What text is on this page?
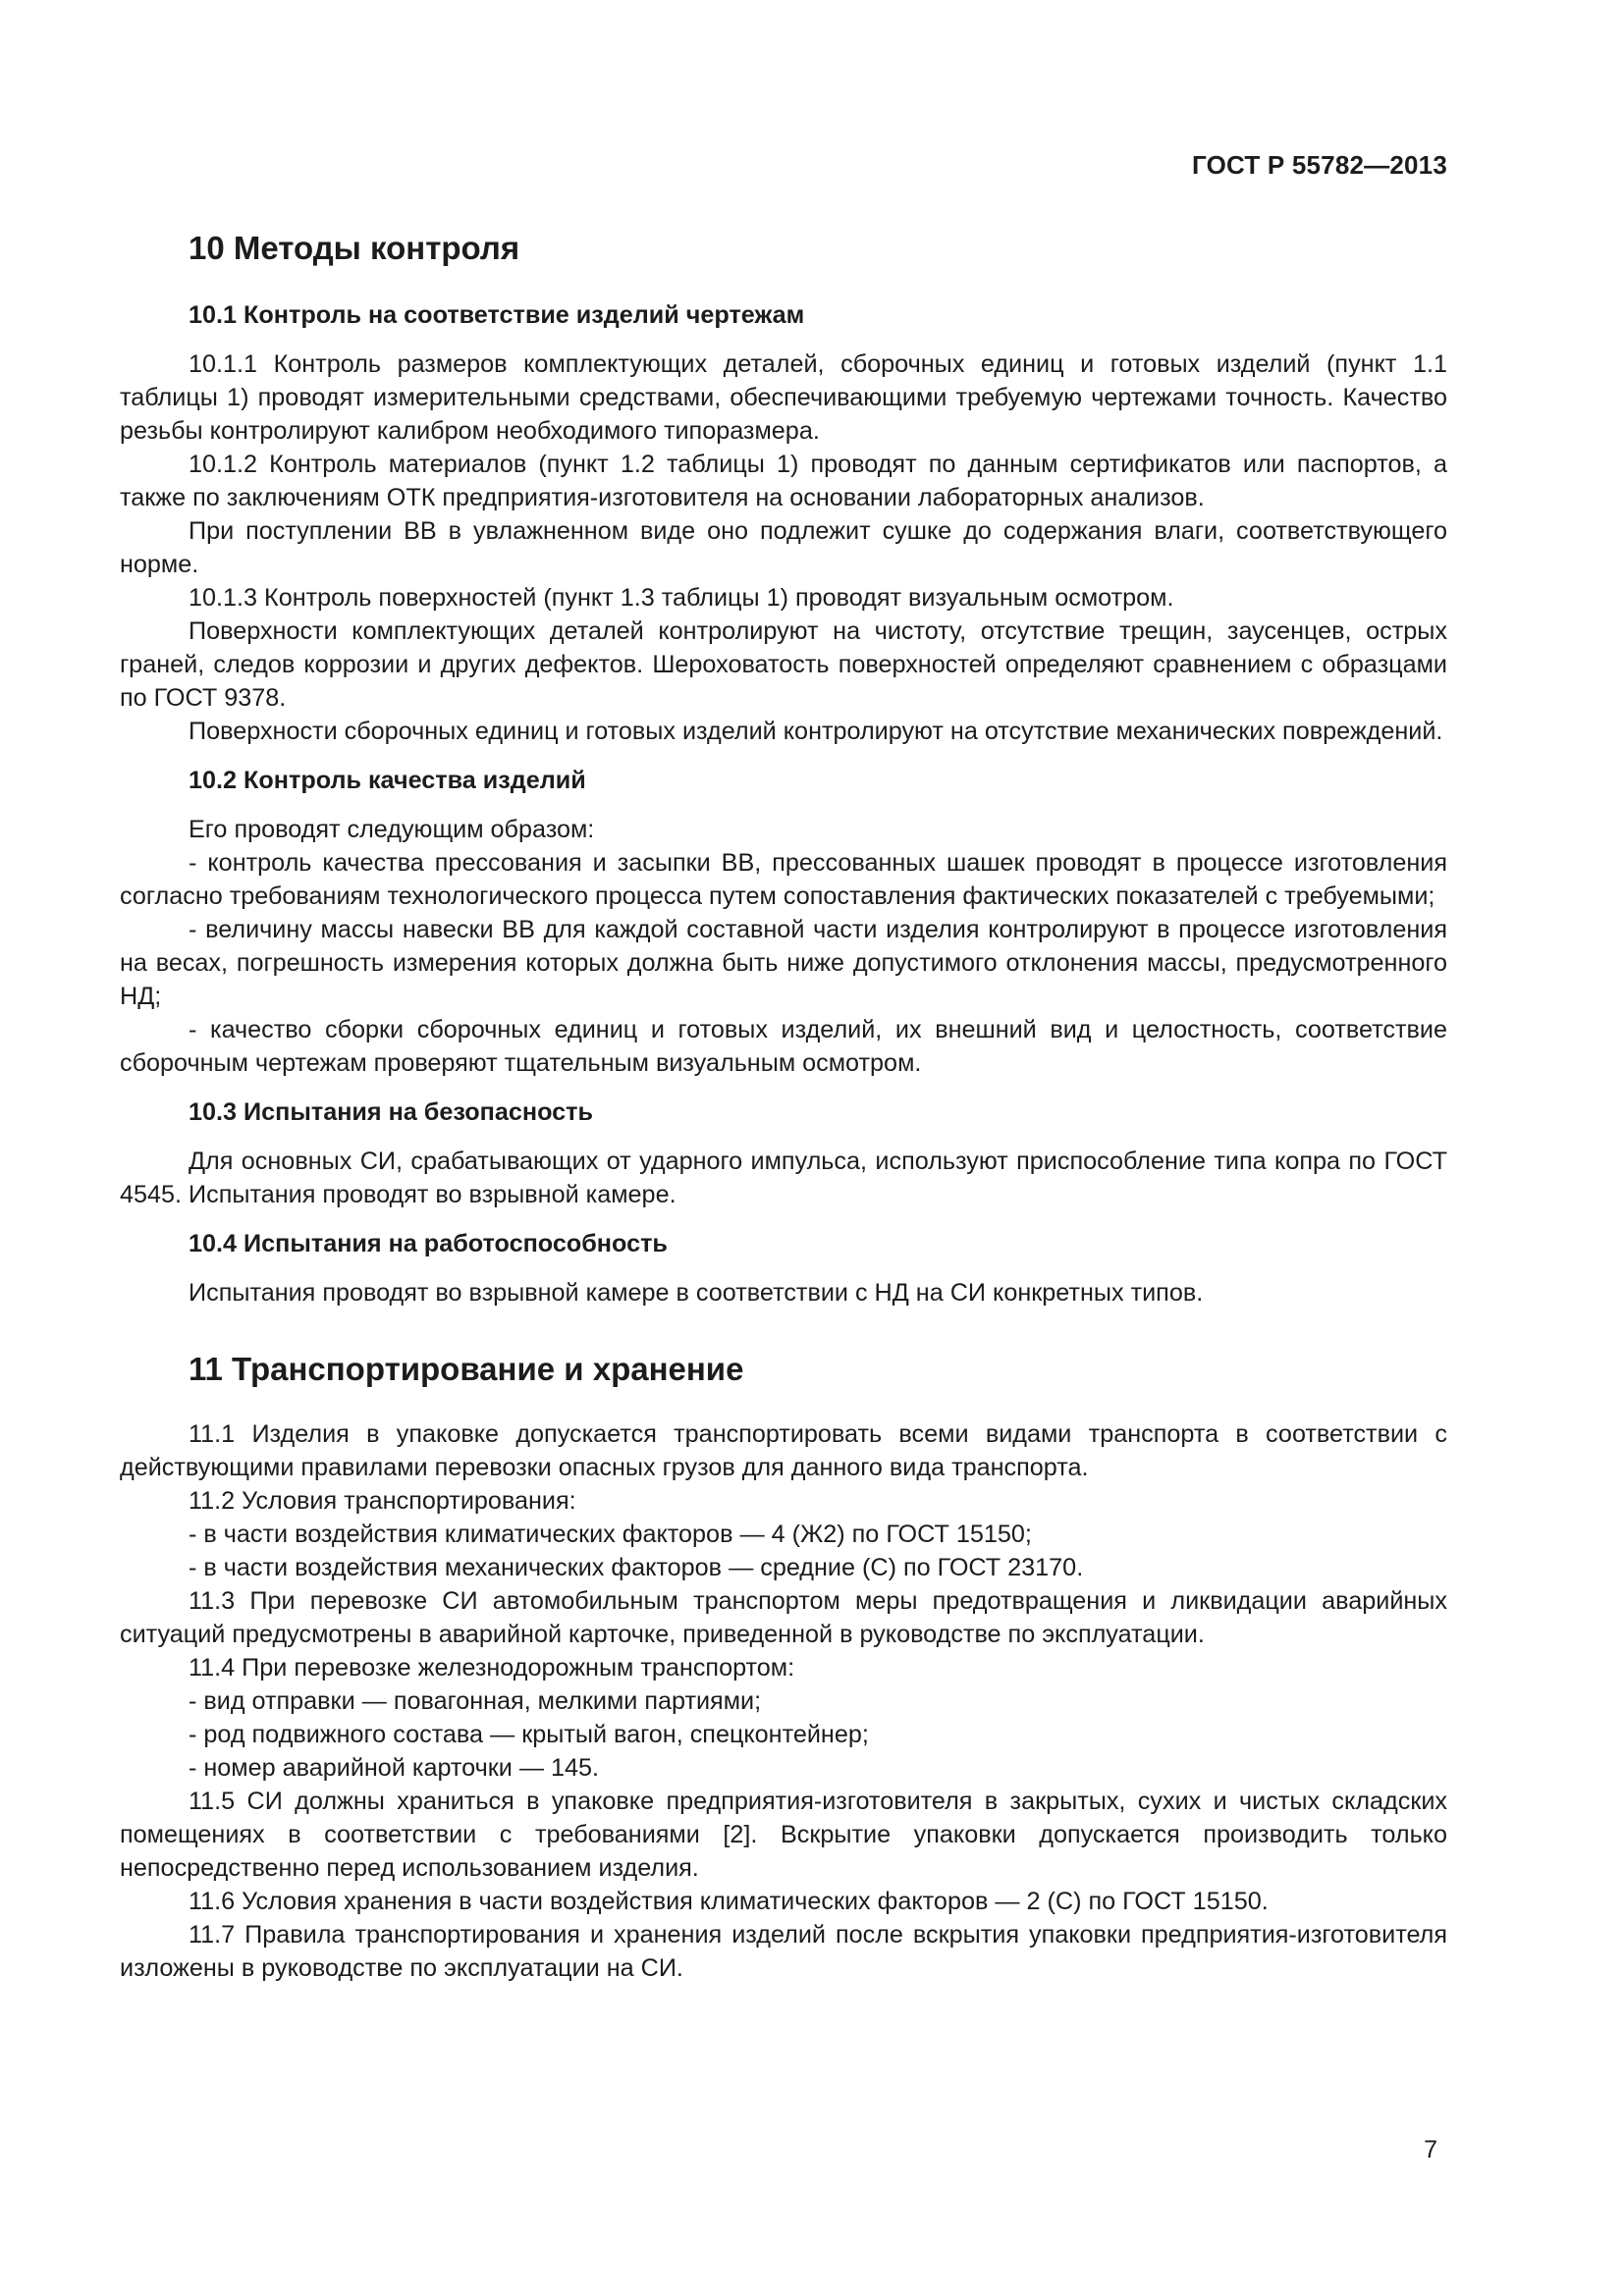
ГОСТ Р 55782—2013
10 Методы контроля
10.1 Контроль на соответствие изделий чертежам

10.1.1 Контроль размеров комплектующих деталей, сборочных единиц и готовых изделий (пункт 1.1 таблицы 1) проводят измерительными средствами, обеспечивающими требуемую чертежами точность. Качество резьбы контролируют калибром необходимого типоразмера.

10.1.2 Контроль материалов (пункт 1.2 таблицы 1) проводят по данным сертификатов или паспортов, а также по заключениям ОТК предприятия-изготовителя на основании лабораторных анализов.

При поступлении ВВ в увлажненном виде оно подлежит сушке до содержания влаги, соответствующего норме.

10.1.3 Контроль поверхностей (пункт 1.3 таблицы 1) проводят визуальным осмотром.

Поверхности комплектующих деталей контролируют на чистоту, отсутствие трещин, заусенцев, острых граней, следов коррозии и других дефектов. Шероховатость поверхностей определяют сравнением с образцами по ГОСТ 9378.

Поверхности сборочных единиц и готовых изделий контролируют на отсутствие механических повреждений.

10.2 Контроль качества изделий

Его проводят следующим образом:

- контроль качества прессования и засыпки ВВ, прессованных шашек проводят в процессе изготовления согласно требованиям технологического процесса путем сопоставления фактических показателей с требуемыми;

- величину массы навески ВВ для каждой составной части изделия контролируют в процессе изготовления на весах, погрешность измерения которых должна быть ниже допустимого отклонения массы, предусмотренного НД;

- качество сборки сборочных единиц и готовых изделий, их внешний вид и целостность, соответствие сборочным чертежам проверяют тщательным визуальным осмотром.

10.3 Испытания на безопасность

Для основных СИ, срабатывающих от ударного импульса, используют приспособление типа копра по ГОСТ 4545. Испытания проводят во взрывной камере.

10.4 Испытания на работоспособность

Испытания проводят во взрывной камере в соответствии с НД на СИ конкретных типов.

11 Транспортирование и хранение

11.1 Изделия в упаковке допускается транспортировать всеми видами транспорта в соответствии с действующими правилами перевозки опасных грузов для данного вида транспорта.

11.2 Условия транспортирования:

- в части воздействия климатических факторов — 4 (Ж2) по ГОСТ 15150;

- в части воздействия механических факторов — средние (С) по ГОСТ 23170.

11.3 При перевозке СИ автомобильным транспортом меры предотвращения и ликвидации аварийных ситуаций предусмотрены в аварийной карточке, приведенной в руководстве по эксплуатации.

11.4 При перевозке железнодорожным транспортом:

- вид отправки — повагонная, мелкими партиями;

- род подвижного состава — крытый вагон, спецконтейнер;

- номер аварийной карточки — 145.

11.5 СИ должны храниться в упаковке предприятия-изготовителя в закрытых, сухих и чистых складских помещениях в соответствии с требованиями [2]. Вскрытие упаковки допускается производить только непосредственно перед использованием изделия.

11.6 Условия хранения в части воздействия климатических факторов — 2 (С) по ГОСТ 15150.

11.7 Правила транспортирования и хранения изделий после вскрытия упаковки предприятия-изготовителя изложены в руководстве по эксплуатации на СИ.

7
